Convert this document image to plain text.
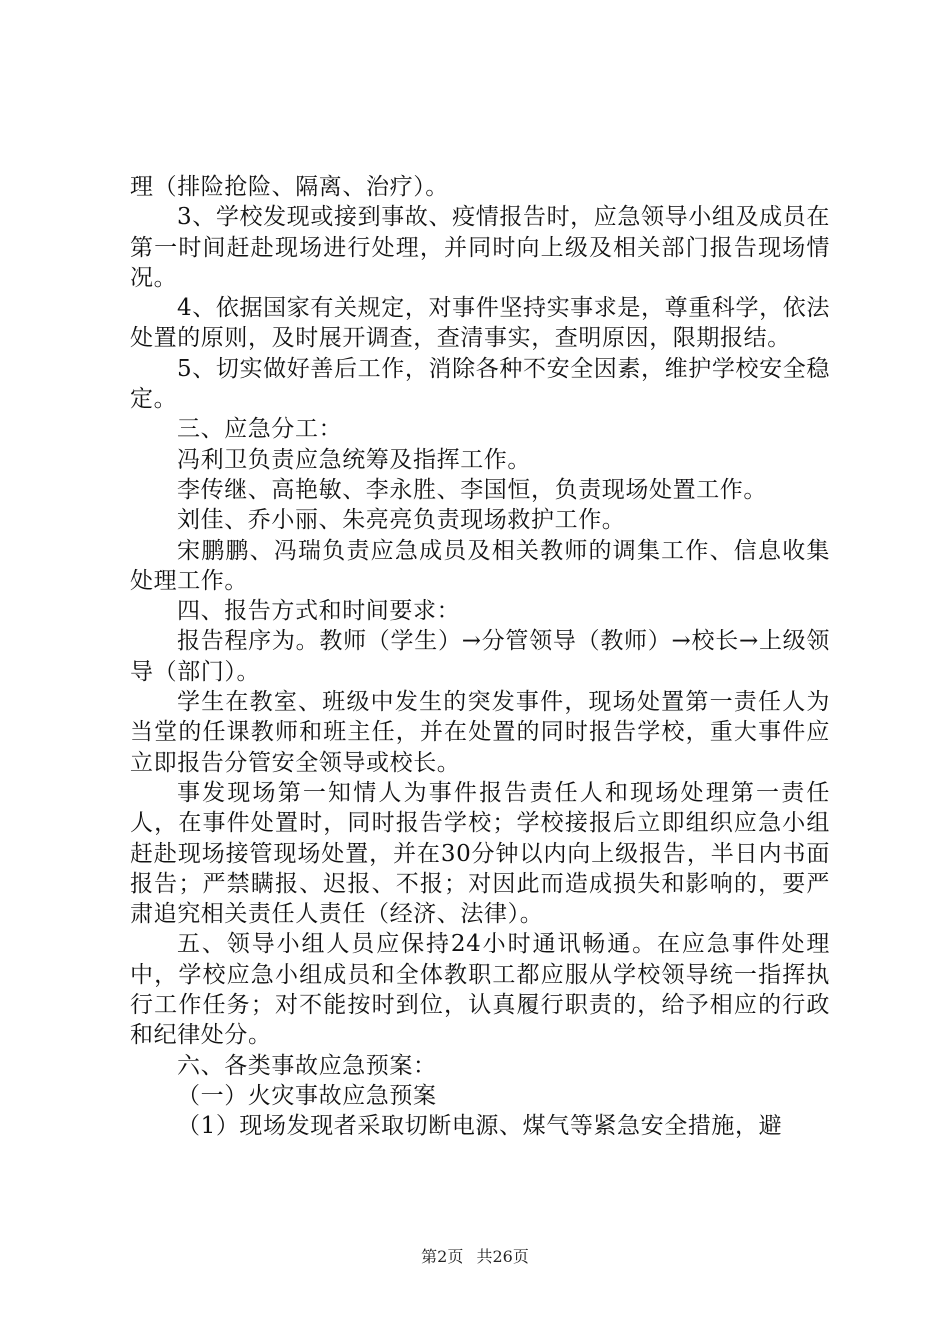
理（排险抢险、隔离、治疗）。

3、学校发现或接到事故、疫情报告时，应急领导小组及成员在第一时间赶赴现场进行处理，并同时向上级及相关部门报告现场情况。

4、依据国家有关规定，对事件坚持实事求是，尊重科学，依法处置的原则，及时展开调查，查清事实，查明原因，限期报结。

5、切实做好善后工作，消除各种不安全因素，维护学校安全稳定。

三、应急分工：

冯利卫负责应急统筹及指挥工作。

李传继、高艳敏、李永胜、李国恒，负责现场处置工作。

刘佳、乔小丽、朱亮亮负责现场救护工作。

宋鹏鹏、冯瑞负责应急成员及相关教师的调集工作、信息收集处理工作。

四、报告方式和时间要求：

报告程序为。教师（学生）→分管领导（教师）→校长→上级领导（部门）。

学生在教室、班级中发生的突发事件，现场处置第一责任人为当堂的任课教师和班主任，并在处置的同时报告学校，重大事件应立即报告分管安全领导或校长。

事发现场第一知情人为事件报告责任人和现场处理第一责任人，在事件处置时，同时报告学校；学校接报后立即组织应急小组赶赴现场接管现场处置，并在30分钟以内向上级报告，半日内书面报告；严禁瞒报、迟报、不报；对因此而造成损失和影响的，要严肃追究相关责任人责任（经济、法律）。

五、领导小组人员应保持24小时通讯畅通。在应急事件处理中，学校应急小组成员和全体教职工都应服从学校领导统一指挥执行工作任务；对不能按时到位，认真履行职责的，给予相应的行政和纪律处分。

六、各类事故应急预案：

（一）火灾事故应急预案

（1）现场发现者采取切断电源、煤气等紧急安全措施，避

第2页 共26页
